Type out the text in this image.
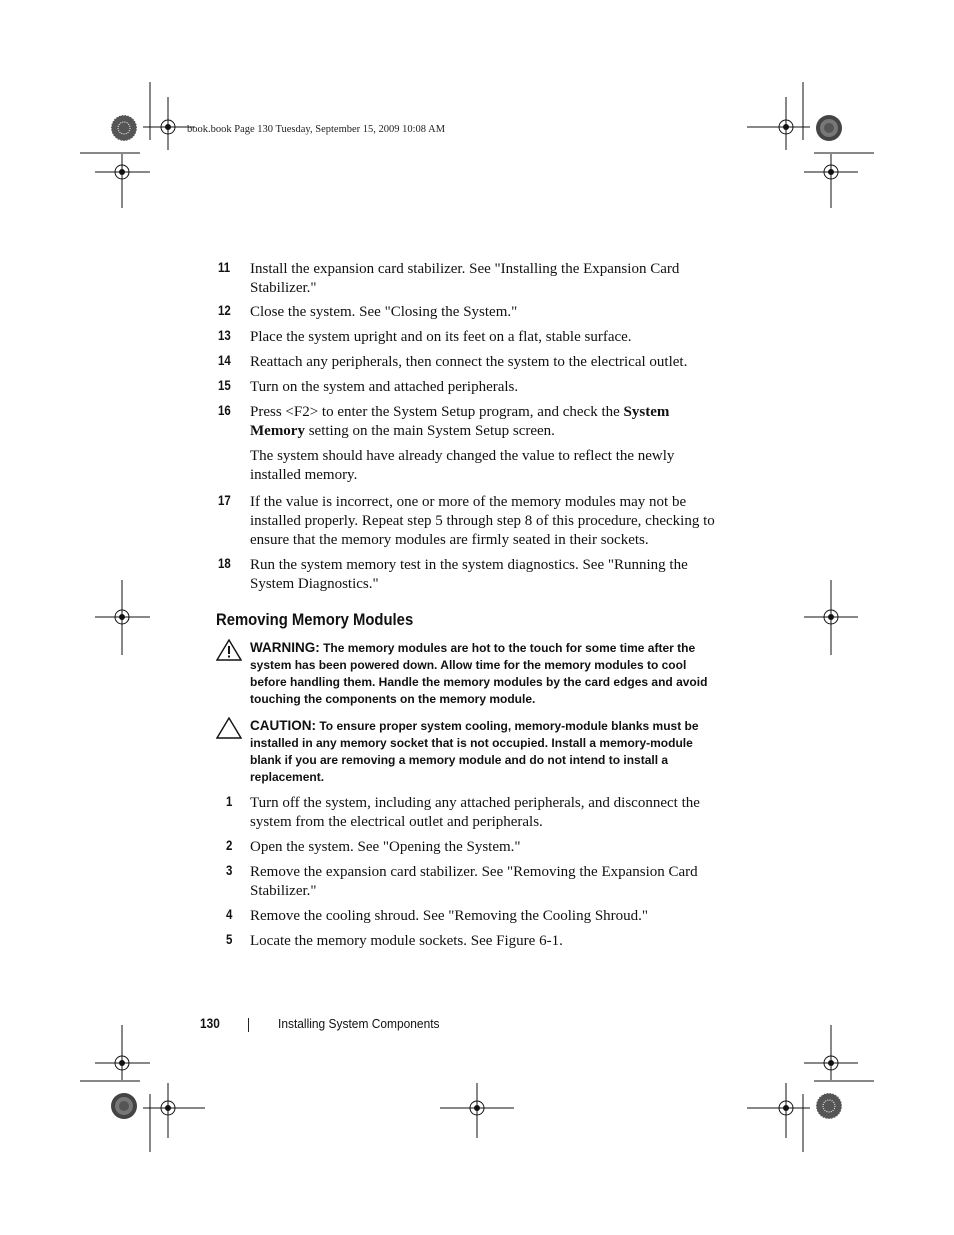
book.book Page 130 Tuesday, September 15, 2009 10:08 AM
11	Install the expansion card stabilizer. See "Installing the Expansion Card Stabilizer."
12	Close the system. See "Closing the System."
13	Place the system upright and on its feet on a flat, stable surface.
14	Reattach any peripherals, then connect the system to the electrical outlet.
15	Turn on the system and attached peripherals.
16	Press <F2> to enter the System Setup program, and check the System Memory setting on the main System Setup screen.
The system should have already changed the value to reflect the newly installed memory.
17	If the value is incorrect, one or more of the memory modules may not be installed properly. Repeat step 5 through step 8 of this procedure, checking to ensure that the memory modules are firmly seated in their sockets.
18	Run the system memory test in the system diagnostics. See "Running the System Diagnostics."
Removing Memory Modules
WARNING: The memory modules are hot to the touch for some time after the system has been powered down. Allow time for the memory modules to cool before handling them. Handle the memory modules by the card edges and avoid touching the components on the memory module.
CAUTION: To ensure proper system cooling, memory-module blanks must be installed in any memory socket that is not occupied. Install a memory-module blank if you are removing a memory module and do not intend to install a replacement.
1 Turn off the system, including any attached peripherals, and disconnect the system from the electrical outlet and peripherals.
2 Open the system. See "Opening the System."
3 Remove the expansion card stabilizer. See "Removing the Expansion Card Stabilizer."
4 Remove the cooling shroud. See "Removing the Cooling Shroud."
5 Locate the memory module sockets. See Figure 6-1.
130	Installing System Components
